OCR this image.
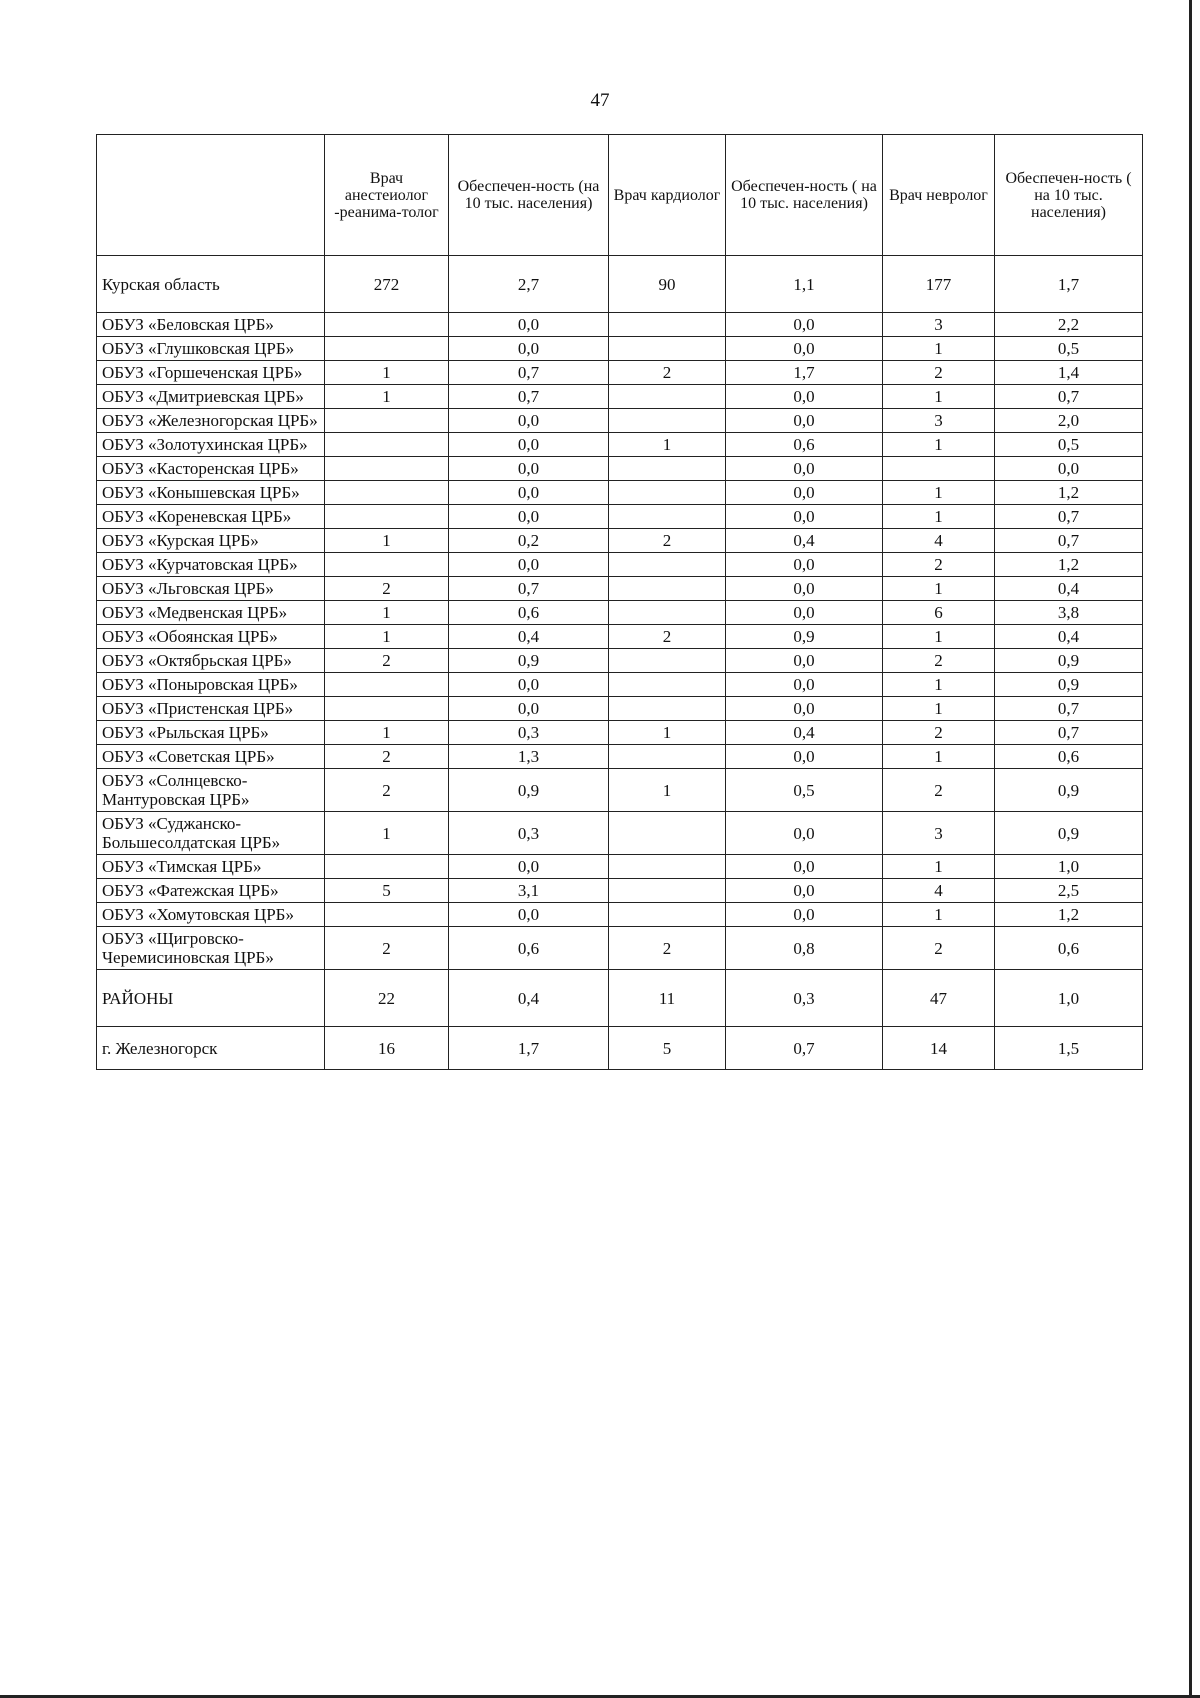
47
	Врач анестеиолог -реанима-толог	Обеспечен-ность (на 10 тыс. населения)	Врач кардиолог	Обеспечен-ность ( на 10 тыс. населения)	Врач невролог	Обеспечен-ность ( на 10 тыс. населения)
Курская область	272	2,7	90	1,1	177	1,7
ОБУЗ «Беловская ЦРБ»		0,0		0,0	3	2,2
ОБУЗ «Глушковская ЦРБ»		0,0		0,0	1	0,5
ОБУЗ «Горшеченская ЦРБ»	1	0,7	2	1,7	2	1,4
ОБУЗ «Дмитриевская ЦРБ»	1	0,7		0,0	1	0,7
ОБУЗ «Железногорская ЦРБ»		0,0		0,0	3	2,0
ОБУЗ «Золотухинская ЦРБ»		0,0	1	0,6	1	0,5
ОБУЗ «Касторенская ЦРБ»		0,0		0,0		0,0
ОБУЗ «Конышевская ЦРБ»		0,0		0,0	1	1,2
ОБУЗ «Кореневская ЦРБ»		0,0		0,0	1	0,7
ОБУЗ «Курская ЦРБ»	1	0,2	2	0,4	4	0,7
ОБУЗ «Курчатовская ЦРБ»		0,0		0,0	2	1,2
ОБУЗ «Льговская ЦРБ»	2	0,7		0,0	1	0,4
ОБУЗ «Медвенская ЦРБ»	1	0,6		0,0	6	3,8
ОБУЗ «Обоянская ЦРБ»	1	0,4	2	0,9	1	0,4
ОБУЗ «Октябрьская ЦРБ»	2	0,9		0,0	2	0,9
ОБУЗ «Поныровская ЦРБ»		0,0		0,0	1	0,9
ОБУЗ «Пристенская ЦРБ»		0,0		0,0	1	0,7
ОБУЗ «Рыльская ЦРБ»	1	0,3	1	0,4	2	0,7
ОБУЗ «Советская ЦРБ»	2	1,3		0,0	1	0,6
ОБУЗ «Солнцевско-Мантуровская ЦРБ»	2	0,9	1	0,5	2	0,9
ОБУЗ «Суджанско-Большесолдатская ЦРБ»	1	0,3		0,0	3	0,9
ОБУЗ «Тимская ЦРБ»		0,0		0,0	1	1,0
ОБУЗ «Фатежская ЦРБ»	5	3,1		0,0	4	2,5
ОБУЗ «Хомутовская ЦРБ»		0,0		0,0	1	1,2
ОБУЗ «Щигровско-Черемисиновская ЦРБ»	2	0,6	2	0,8	2	0,6
РАЙОНЫ	22	0,4	11	0,3	47	1,0
г. Железногорск	16	1,7	5	0,7	14	1,5
